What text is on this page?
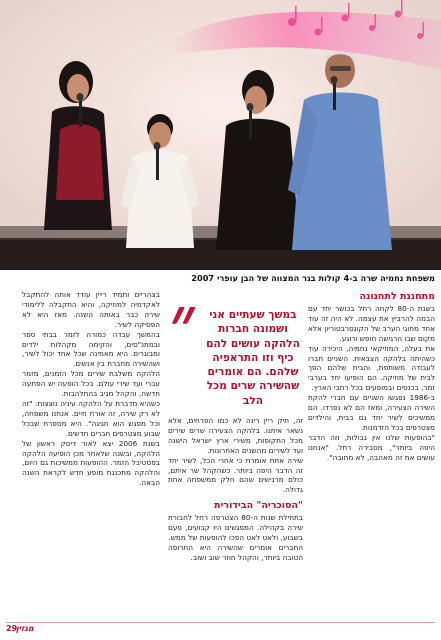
משפחת נחמיה שרה ב-4 קולות בגר המצווה של הבן עופרי 2007
מתחננת לתחנונה

בשנת ה-80 לקחה רחל בכושר יחד עם הבמה להרביץ את עצמה. לא היה זה עוד אחד מחוגי הערב של הקונסרבטוריון אלא מקום שבו הרגישה חופש ורוגע.

את בעלה, המוזיקאי נחמיה, היכירה עוד כשהיתה בלהקה הצבאית. השניים חברו לעבודה משותפת, והבית שלהם הפך לבית של מוזיקה. הם הופיעו יחד בערבי זמר, בכנסים ובמופעים בכל רחבי הארץ.

ב-1986 נפגשו השניים עם חברי להקת השירה הצעירה, ומאז הם לא נפרדו. הם ממשיכים לשיר יחד גם בבית, והילדים מצטרפים בכל הזדמנות.

"בהופעות שלנו אין גבולות, וזה הדבר היפה ביותר", מסבירה רחל. "אנחנו עושים את זה מאהבה, לא מחובה".

״	במשך שעתיים אני ושמונה חברות הלהקה עושים להם כיף וזו התראפיה שלהם. הם אומרים שהשירה שרים מכל הלב

זה, תיק ריין רינה לא כמו הפרחים, אלא נשאר איתנו. בלהקה הצעירה שרים שירים מכל התקופות, משירי ארץ ישראל הישנה ועד לשירים מהשנים האחרונות.

שירה אחת אומרת כי אחרי הכל, לשיר יחד זה הדבר היפה ביותר. כשהקהל שר איתם, כולם מרגישים שהם חלק ממשפחה אחת גדולה.

"הסוכריה" הבידורית

בתחילת שנות ה-80 הצטרפה רחל לחבורת שירה בקהילה. המפגשים היו קבועים, פעם בשבוע, ולאט לאט הפכו להופעות של ממש.

החברים אומרים שהשירה היא התרופה הטובה ביותר, והקהל חוזר שוב ושוב.

בצהריים ותמיד רייין עודד אותה להתקבל לאקדמיה למוזיקה, והיא התקבלה ללימודי שירה כבר באותה השנה. מאז היא לא הפסיקה לשיר.

בהמשך עבדה כמורה לזמר בבתי ספר ובמתנ"סים, והקימה מקהלות ילדים ומבוגרים. היא מאמינה שכל אחד יכול לשיר, ושהשירה מחברת בין אנשים.

הלהקה משלבת שירים מכל הזמנים, מזמר עברי ועד שירי עולם. בכל הופעה יש הפתעה חדשה, והקהל מגיב בהתלהבות.

כשהיא מדברת על הלהקה עיניה נוצצות: "זה לא רק שירה, זה אורח חיים. אנחנו משפחה, וכל מפגש הוא חגיגה". היא מספרת שבכל שבוע מצטרפים חברים חדשים.

בשנת 2006 יצא לאור דיסק ראשון של הלהקה, ובשנה שלאחר מכן הופיעה הלהקה בפסטיבל הזמר. ההופעות ממשיכות גם היום, והלהקה מתכננת מופע חדש לקראת השנה הבאה.

29
מגזין
